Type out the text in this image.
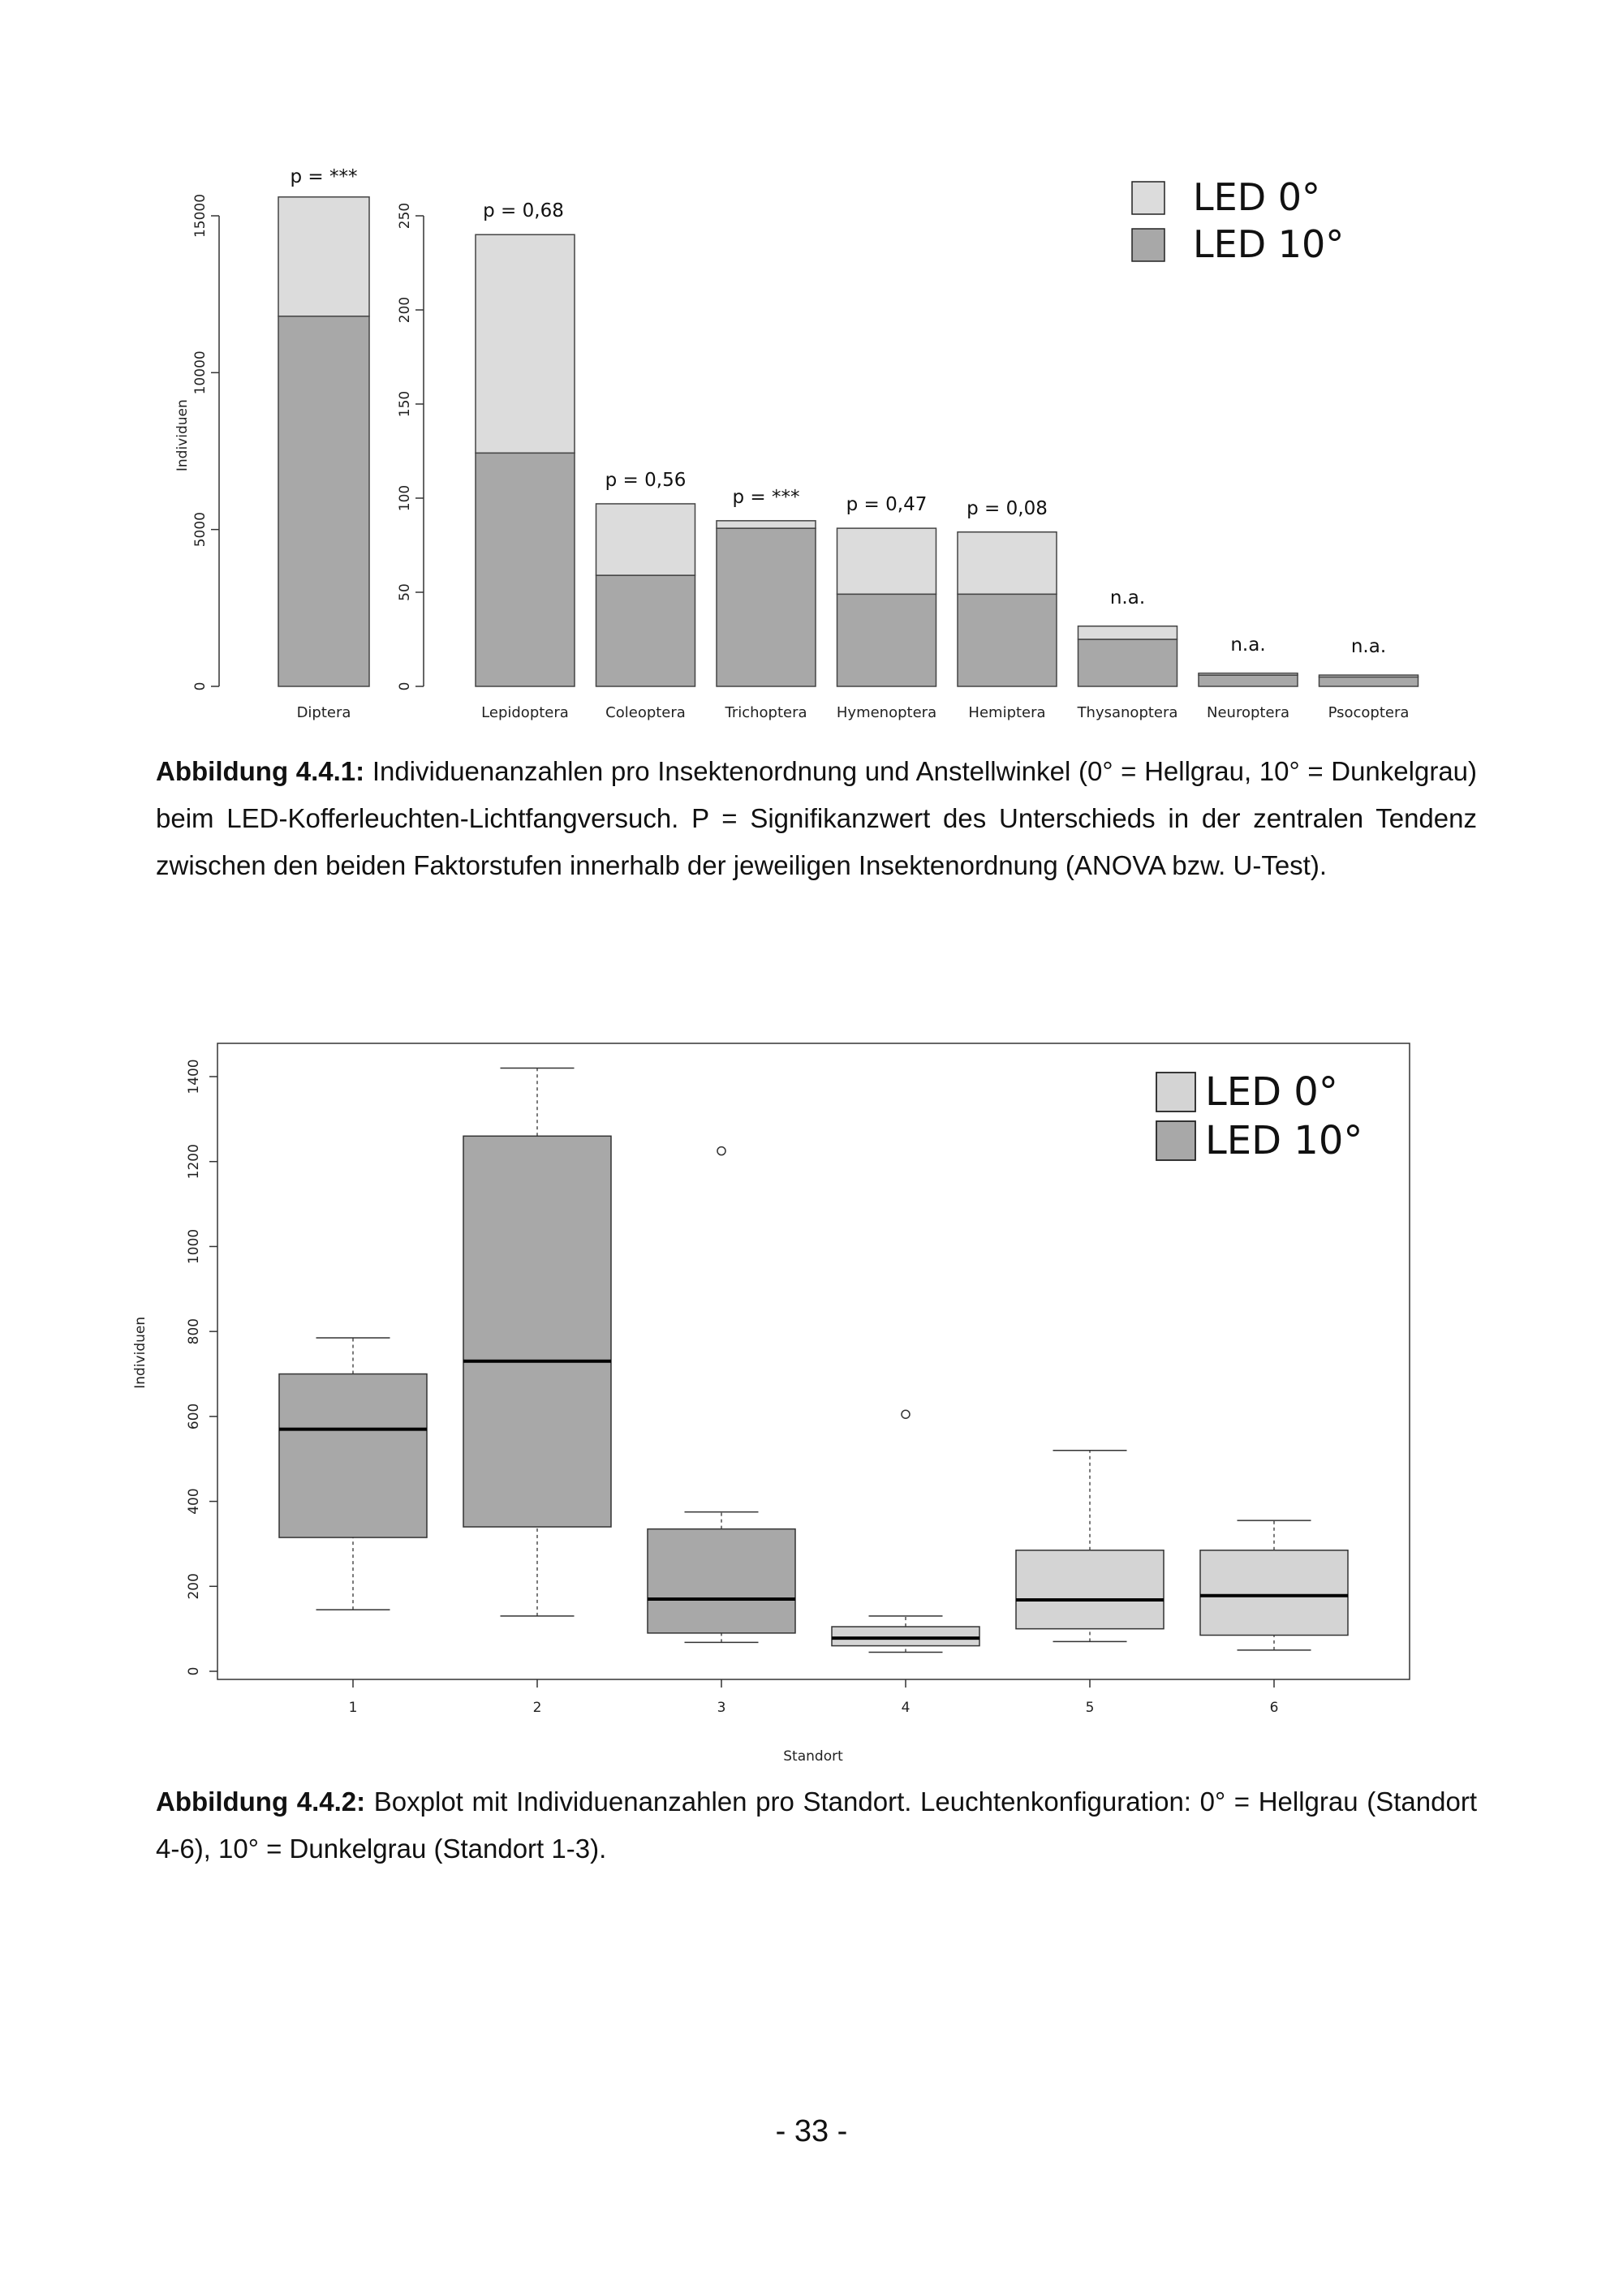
0
5000
10000
15000
Individuen
Diptera
p = ***
0
50
100
150
200
250
Lepidoptera
p = 0,68
Coleoptera
p = 0,56
Trichoptera
p = ***
Hymenoptera
p = 0,47
Hemiptera
p = 0,08
Thysanoptera
n.a.
Neuroptera
n.a.
Psocoptera
n.a.
LED 0°
LED 10°
Abbildung 4.4.1: Individuenanzahlen pro Insektenordnung und Anstellwinkel (0° = Hellgrau, 10° = Dunkelgrau) beim LED-Kofferleuchten-Lichtfangversuch. P = Signifikanzwert des Unterschieds in der zentralen Tendenz zwischen den beiden Faktorstufen innerhalb der jeweiligen Insektenordnung (ANOVA bzw. U-Test).
0
200
400
600
800
1000
1200
1400
Individuen
1	2	3	4	5	6
Standort
LED 0°
LED 10°
Abbildung 4.4.2: Boxplot mit Individuenanzahlen pro Standort. Leuchtenkonfiguration: 0° = Hellgrau (Standort 4-6), 10° = Dunkelgrau (Standort 1-3).
- 33 -
